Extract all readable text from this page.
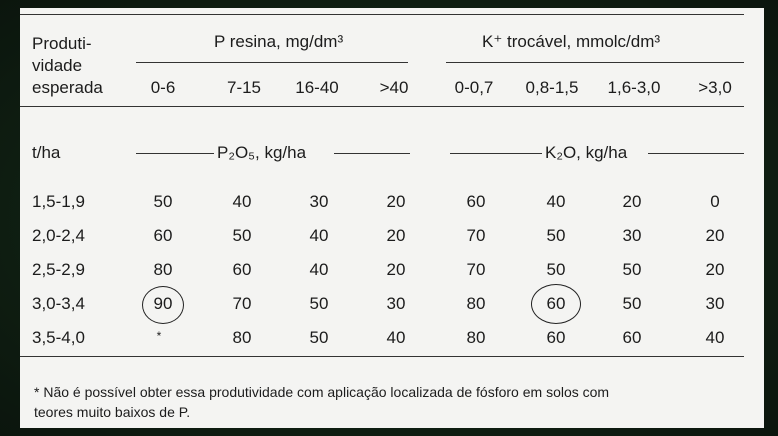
Produti-
vidade
esperada
P resina, mg/dm³	K⁺ trocável, mmolc/dm³
0-6	7-15	16-40	>40	0-0,7	0,8-1,5	1,6-3,0	>3,0
t/ha	P₂O₅, kg/ha	K₂O, kg/ha
1,5-1,9	50	40	30	20	60	40	20	0
2,0-2,4	60	50	40	20	70	50	30	20
2,5-2,9	80	60	40	20	70	50	50	20
3,0-3,4	90	70	50	30	80	60	50	30
3,5-4,0	*	80	50	40	80	60	60	40
* Não é possível obter essa produtividade com aplicação localizada de fósforo em solos com
teores muito baixos de P.
